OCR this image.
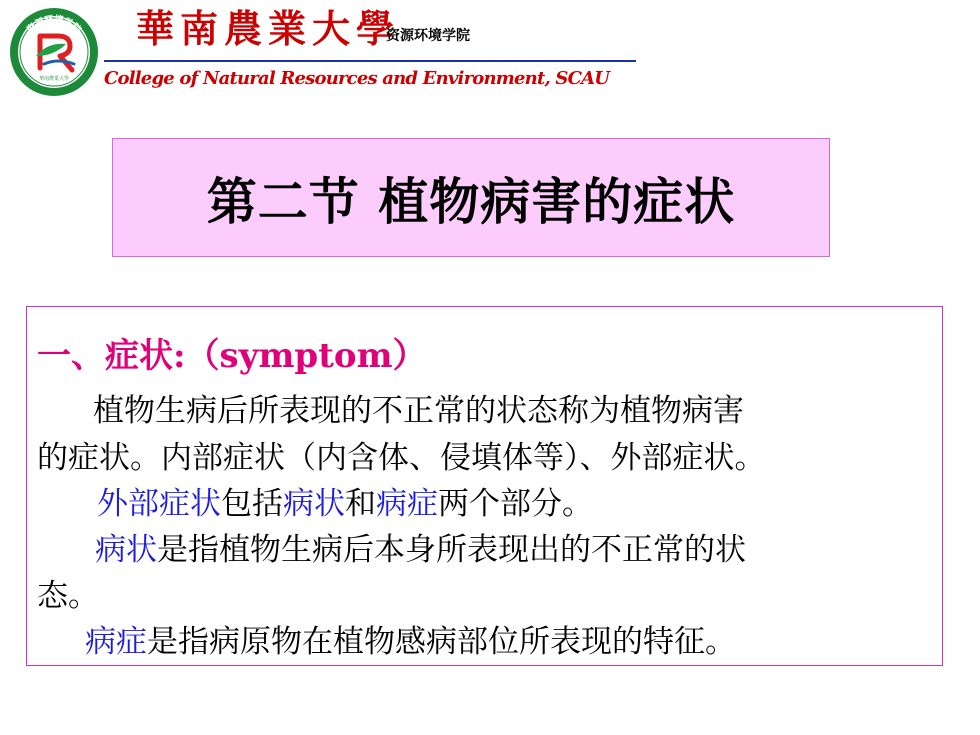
资源环境学院
華南農業大學
華南農業大學
资源环境学院
College of Natural Resources and Environment, SCAU
第二节 植物病害的症状
一、症状:（symptom）
植物生病后所表现的不正常的状态称为植物病害
的症状。内部症状（内含体、侵填体等）、外部症状。
外部症状包括病状和病症两个部分。
病状是指植物生病后本身所表现出的不正常的状
态。
病症是指病原物在植物感病部位所表现的特征。
